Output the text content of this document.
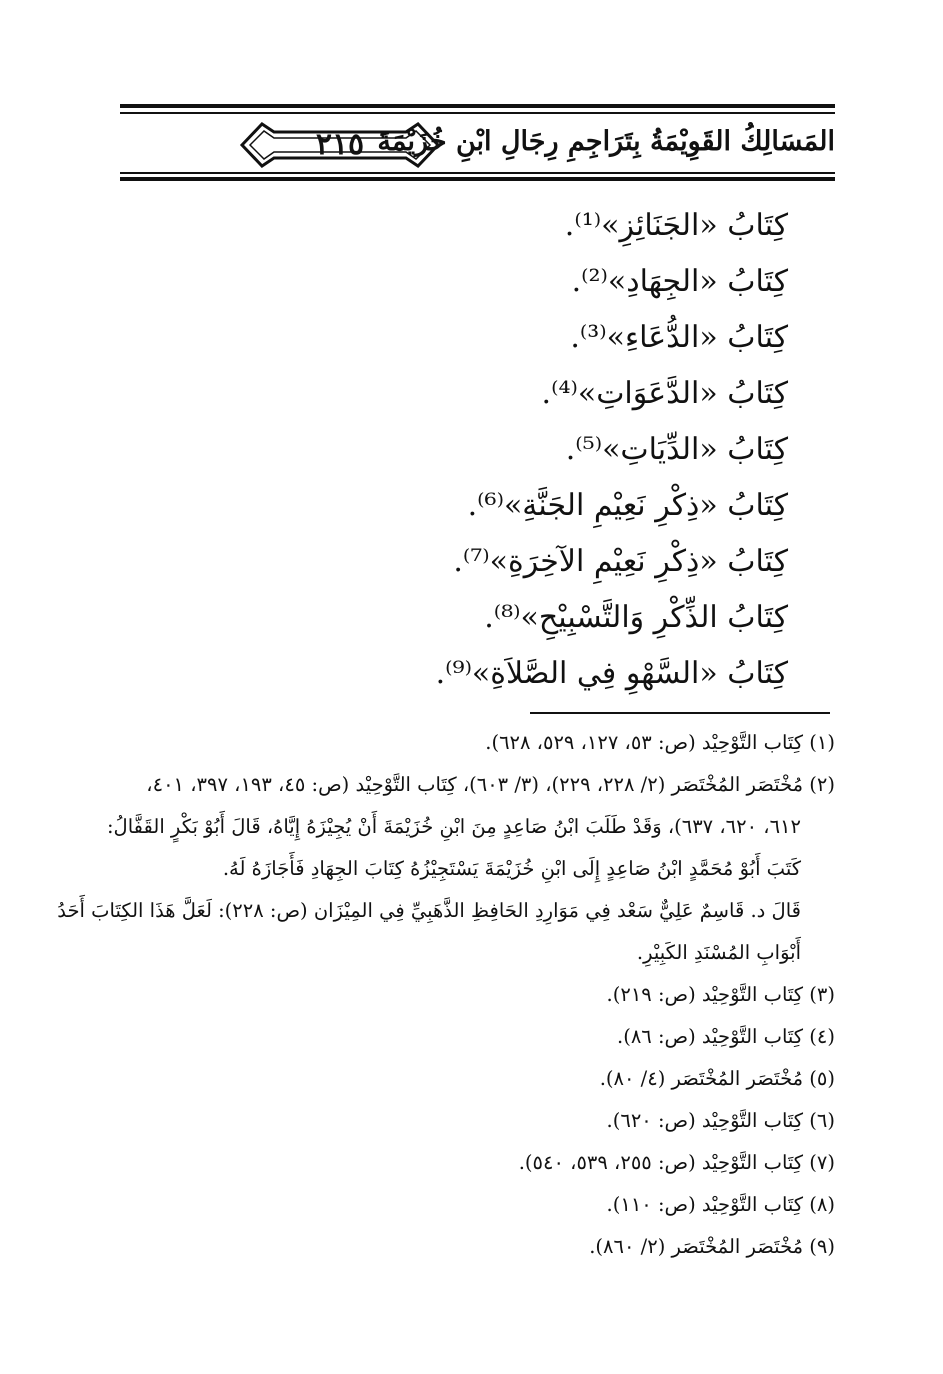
المَسَالِكُ القَوِيْمَةُ بِتَرَاجِمِ رِجَالِ ابْنِ خُزَيْمَةَ
٢١٥
كِتَابُ «الجَنَائِزِ»⁽¹⁾.
كِتَابُ «الجِهَادِ»⁽²⁾.
كِتَابُ «الدُّعَاءِ»⁽³⁾.
كِتَابُ «الدَّعَوَاتِ»⁽⁴⁾.
كِتَابُ «الدِّيَاتِ»⁽⁵⁾.
كِتَابُ «ذِكْرِ نَعِيْمِ الجَنَّةِ»⁽⁶⁾.
كِتَابُ «ذِكْرِ نَعِيْمِ الآخِرَةِ»⁽⁷⁾.
كِتَابُ الذِّكْرِ وَالتَّسْبِيْحِ»⁽⁸⁾.
كِتَابُ «السَّهْوِ فِي الصَّلاَةِ»⁽⁹⁾.

(١) كِتَاب التَّوْحِيْد (ص: ٥٣، ١٢٧، ٥٢٩، ٦٢٨).

(٢) مُخْتَصَر المُخْتَصَر (٢/ ٢٢٨، ٢٢٩)، (٣/ ٦٠٣)، كِتَاب التَّوْحِيْد (ص: ٤٥، ١٩٣، ٣٩٧، ٤٠١،

٦١٢، ٦٢٠، ٦٣٧)، وَقَدْ طَلَبَ ابْنُ صَاعِدٍ مِنَ ابْنِ خُزَيْمَةَ أَنْ يُجِيْزَهُ إِيَّاهُ، قَالَ أَبُوْ بَكْرٍ القَفَّالُ:

كَتَبَ أَبُوْ مُحَمَّدٍ ابْنُ صَاعِدٍ إِلَى ابْنِ خُزَيْمَةَ يَسْتَجِيْزُهُ كِتَابَ الجِهَادِ فَأَجَازَهُ لَهُ.

قَالَ د. قَاسِمٌ عَلِيٌّ سَعْد فِي مَوَارِدِ الحَافِظِ الذَّهَبِيِّ فِي المِيْزَان (ص: ٢٢٨): لَعَلَّ هَذَا الكِتَابَ أَحَدُ

أَبْوَابِ المُسْنَدِ الكَبِيْرِ.

(٣) كِتَاب التَّوْحِيْد (ص: ٢١٩).

(٤) كِتَاب التَّوْحِيْد (ص: ٨٦).

(٥) مُخْتَصَر المُخْتَصَر (٤/ ٨٠).

(٦) كِتَاب التَّوْحِيْد (ص: ٦٢٠).

(٧) كِتَاب التَّوْحِيْد (ص: ٢٥٥، ٥٣٩، ٥٤٠).

(٨) كِتَاب التَّوْحِيْد (ص: ١١٠).

(٩) مُخْتَصَر المُخْتَصَر (٢/ ٨٦٠).
